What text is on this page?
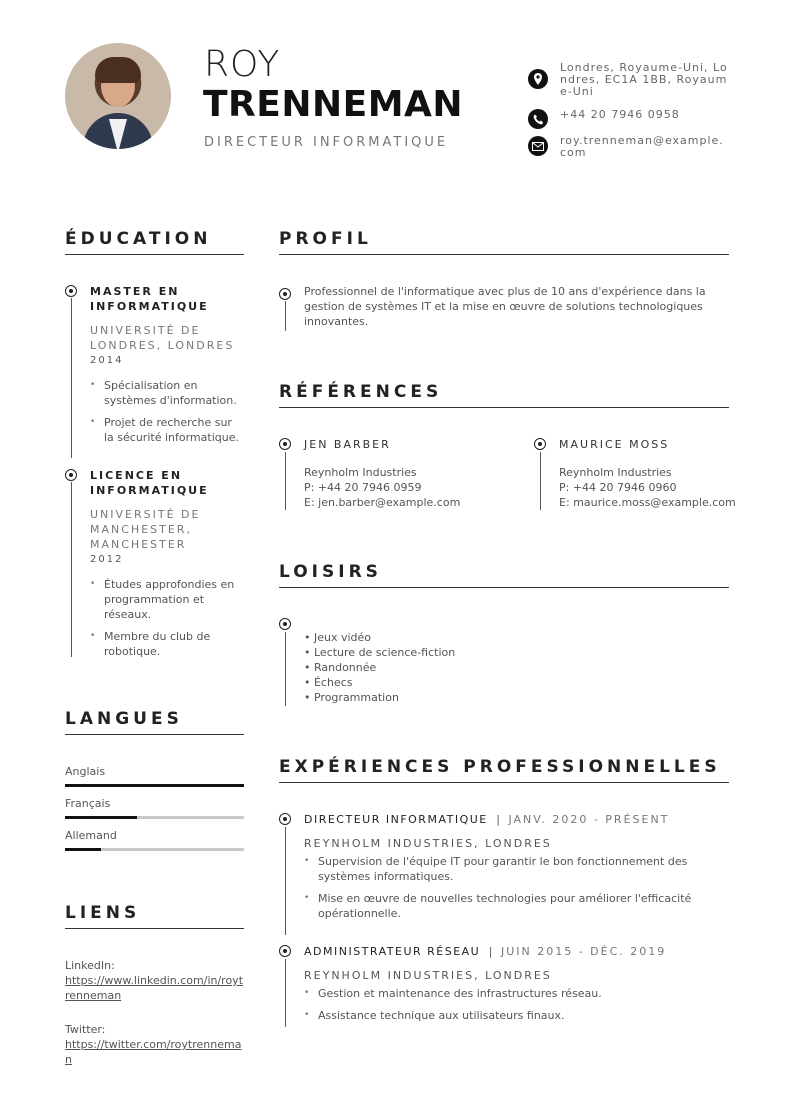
ROY
TRENNEMAN
DIRECTEUR INFORMATIQUE
Londres, Royaume-Uni, Londres, EC1A 1BB, Royaume-Uni
+44 20 7946 0958
roy.trenneman@example.com
ÉDUCATION
MASTER EN INFORMATIQUE
UNIVERSITÉ DE LONDRES, LONDRES
2014
• Spécialisation en systèmes d'information.
• Projet de recherche sur la sécurité informatique.
LICENCE EN INFORMATIQUE
UNIVERSITÉ DE MANCHESTER, MANCHESTER
2012
• Études approfondies en programmation et réseaux.
• Membre du club de robotique.
LANGUES
Anglais
Français
Allemand
LIENS
LinkedIn:
https://www.linkedin.com/in/roytrenneman
Twitter:
https://twitter.com/roytrenneman
PROFIL
Professionnel de l'informatique avec plus de 10 ans d'expérience dans la gestion de systèmes IT et la mise en œuvre de solutions technologiques innovantes.
RÉFÉRENCES
JEN BARBER
Reynholm Industries
P: +44 20 7946 0959
E: jen.barber@example.com
MAURICE MOSS
Reynholm Industries
P: +44 20 7946 0960
E: maurice.moss@example.com
LOISIRS
• Jeux vidéo
• Lecture de science-fiction
• Randonnée
• Échecs
• Programmation
EXPÉRIENCES PROFESSIONNELLES
DIRECTEUR INFORMATIQUE  |  JANV. 2020 - PRÉSENT
REYNHOLM INDUSTRIES, LONDRES
• Supervision de l'équipe IT pour garantir le bon fonctionnement des systèmes informatiques.
• Mise en œuvre de nouvelles technologies pour améliorer l'efficacité opérationnelle.
ADMINISTRATEUR RÉSEAU  |  JUIN 2015 - DÉC. 2019
REYNHOLM INDUSTRIES, LONDRES
• Gestion et maintenance des infrastructures réseau.
• Assistance technique aux utilisateurs finaux.
